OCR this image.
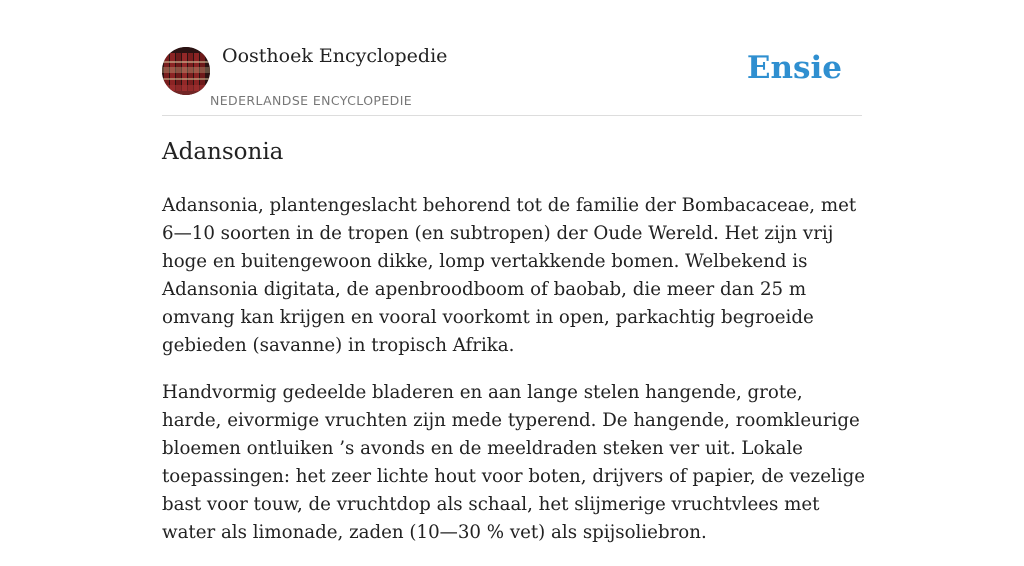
Oosthoek Encyclopedie
NEDERLANDSE ENCYCLOPEDIE
Ensie
Adansonia

Adansonia, plantengeslacht behorend tot de familie der Bombacaceae, met 6—10 soorten in de tropen (en subtropen) der Oude Wereld. Het zijn vrij hoge en buitengewoon dikke, lomp vertakkende bomen. Welbekend is Adansonia digitata, de apenbroodboom of baobab, die meer dan 25 m omvang kan krijgen en vooral voorkomt in open, parkachtig begroeide gebieden (savanne) in tropisch Afrika.

Handvormig gedeelde bladeren en aan lange stelen hangende, grote, harde, eivormige vruchten zijn mede typerend. De hangende, roomkleurige bloemen ontluiken ’s avonds en de meeldraden steken ver uit. Lokale toepassingen: het zeer lichte hout voor boten, drijvers of papier, de vezelige bast voor touw, de vruchtdop als schaal, het slijmerige vruchtvlees met water als limonade, zaden (10—30 % vet) als spijsoliebron.
